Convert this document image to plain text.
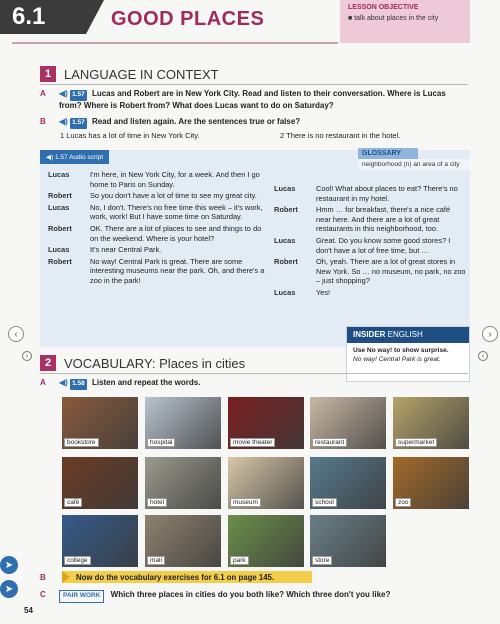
6.1	GOOD PLACES
LESSON OBJECTIVE
■ talk about places in the city
1 LANGUAGE IN CONTEXT
A	◀) 1.57 Lucas and Robert are in New York City. Read and listen to their conversation. Where is Lucas from? Where is Robert from? What does Lucas want to do on Saturday?
B	◀) 1.57 Read and listen again. Are the sentences true or false?
1 Lucas has a lot of time in New York City.	2 There is no restaurant in the hotel.
◀) 1.57 Audio script
Lucas	I'm here, in New York City, for a week. And then I go home to Paris on Sunday.
Robert	So you don't have a lot of time to see my great city.
Lucas	No, I don't. There's no free time this week – it's work, work, work! But I have some time on Saturday.
Robert	OK. There are a lot of places to see and things to do on the weekend. Where is your hotel?
Lucas	It's near Central Park.
Robert	No way! Central Park is great. There are some interesting museums near the park. Oh, and there's a zoo in the park!
Lucas	Cool! What about places to eat? There's no restaurant in my hotel.
Robert	Hmm … for breakfast, there's a nice café near here. And there are a lot of great restaurants in this neighborhood, too.
Lucas	Great. Do you know some good stores? I don't have a lot of free time, but …
Robert	Oh, yeah. There are a lot of great stores in New York. So … no museum, no park, no zoo – just shopping?
Lucas	Yes!
GLOSSARY
neighborhood (n) an area of a city
INSIDER ENGLISH
Use No way! to show surprise.
No way! Central Park is great.
‹	›
›	‹
2 VOCABULARY: Places in cities
A	◀) 1.58 Listen and repeat the words.
bookstore	hospital	movie theater	restaurant	supermarket
café	hotel	museum	school	zoo
college	mall	park	store
B	Now do the vocabulary exercises for 6.1 on page 145.
C	PAIR WORK Which three places in cities do you both like? Which three don't you like?
➤
➤
54
